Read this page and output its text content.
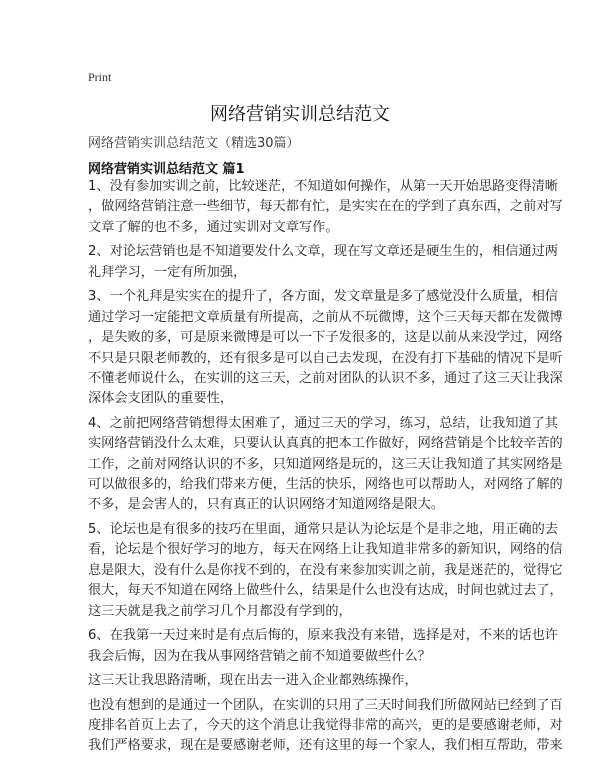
Print
网络营销实训总结范文
网络营销实训总结范文（精选30篇）
网络营销实训总结范文 篇1
1、没有参加实训之前，比较迷茫，不知道如何操作，从第一天开始思路变得清晰
，做网络营销注意一些细节，每天都有忙，是实实在在的学到了真东西，之前对写
文章了解的也不多，通过实训对文章写作。
2、对论坛营销也是不知道要发什么文章，现在写文章还是硬生生的，相信通过两
礼拜学习，一定有所加强，
3、一个礼拜是实实在的提升了，各方面，发文章量是多了感觉没什么质量，相信
通过学习一定能把文章质量有所提高，之前从不玩微博，这个三天每天都在发微博
，是失败的多，可是原来微博是可以一下子发很多的，这是以前从来没学过，网络
不只是只限老师教的，还有很多是可以自己去发现，在没有打下基础的情况下是听
不懂老师说什么，在实训的这三天，之前对团队的认识不多，通过了这三天让我深
深体会支团队的重要性，
4、之前把网络营销想得太困难了，通过三天的学习，练习，总结，让我知道了其
实网络营销没什么太难，只要认认真真的把本工作做好，网络营销是个比较辛苦的
工作，之前对网络认识的不多，只知道网络是玩的，这三天让我知道了其实网络是
可以做很多的，给我们带来方便，生活的快乐，网络也可以帮助人，对网络了解的
不多，是会害人的，只有真正的认识网络才知道网络是限大。
5、论坛也是有很多的技巧在里面，通常只是认为论坛是个是非之地，用正确的去
看，论坛是个很好学习的地方，每天在网络上让我知道非常多的新知识，网络的信
息是限大，没有什么是你找不到的，在没有来参加实训之前，我是迷茫的，觉得它
很大，每天不知道在网络上做些什么，结果是什么也没有达成，时间也就过去了，
这三天就是我之前学习几个月都没有学到的，
6、在我第一天过来时是有点后悔的，原来我没有来错，选择是对，不来的话也许
我会后悔，因为在我从事网络营销之前不知道要做些什么？
这三天让我思路清晰，现在出去一进入企业都熟练操作，
也没有想到的是通过一个团队，在实训的只用了三天时间我们所做网站已经到了百
度排名首页上去了，今天的这个消息让我觉得非常的高兴，更的是要感谢老师，对
我们严格要求，现在是要感谢老师，还有这里的每一个家人，我们相互帮助，带来
